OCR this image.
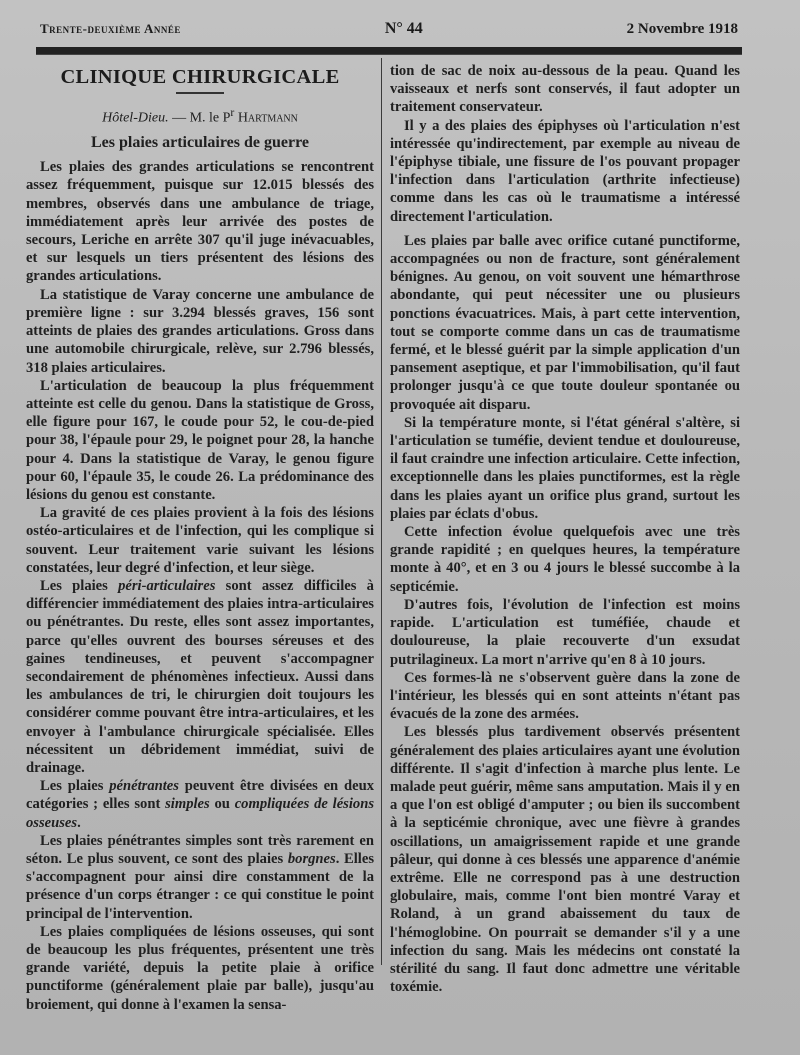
Trente-deuxième Année	N° 44	2 Novembre 1918
CLINIQUE CHIRURGICALE
Hôtel-Dieu. — M. le $P^r$ Hartmann
Les plaies articulaires de guerre

Les plaies des grandes articulations se rencontrent assez fréquemment, puisque sur 12.015 blessés des membres, observés dans une ambulance de triage, immédiatement après leur arrivée des postes de secours, Leriche en arrête 307 qu'il juge inévacuables, et sur lesquels un tiers présentent des lésions des grandes articulations.

La statistique de Varay concerne une ambulance de première ligne : sur 3.294 blessés graves, 156 sont atteints de plaies des grandes articulations. Gross dans une automobile chirurgicale, relève, sur 2.796 blessés, 318 plaies articulaires.

L'articulation de beaucoup la plus fréquemment atteinte est celle du genou. Dans la statistique de Gross, elle figure pour 167, le coude pour 52, le cou-de-pied pour 38, l'épaule pour 29, le poignet pour 28, la hanche pour 4. Dans la statistique de Varay, le genou figure pour 60, l'épaule 35, le coude 26. La prédominance des lésions du genou est constante.

La gravité de ces plaies provient à la fois des lésions ostéo-articulaires et de l'infection, qui les complique si souvent. Leur traitement varie suivant les lésions constatées, leur degré d'infection, et leur siège.

Les plaies péri-articulaires sont assez difficiles à différencier immédiatement des plaies intra-articulaires ou pénétrantes. Du reste, elles sont assez importantes, parce qu'elles ouvrent des bourses séreuses et des gaines tendineuses, et peuvent s'accompagner secondairement de phénomènes infectieux. Aussi dans les ambulances de tri, le chirurgien doit toujours les considérer comme pouvant être intra-articulaires, et les envoyer à l'ambulance chirurgicale spécialisée. Elles nécessitent un débridement immédiat, suivi de drainage.

Les plaies pénétrantes peuvent être divisées en deux catégories ; elles sont simples ou compliquées de lésions osseuses.

Les plaies pénétrantes simples sont très rarement en séton. Le plus souvent, ce sont des plaies borgnes. Elles s'accompagnent pour ainsi dire constamment de la présence d'un corps étranger : ce qui constitue le point principal de l'intervention.

Les plaies compliquées de lésions osseuses, qui sont de beaucoup les plus fréquentes, présentent une très grande variété, depuis la petite plaie à orifice punctiforme (généralement plaie par balle), jusqu'au broiement, qui donne à l'examen la sensa-

tion de sac de noix au-dessous de la peau. Quand les vaisseaux et nerfs sont conservés, il faut adopter un traitement conservateur.

Il y a des plaies des épiphyses où l'articulation n'est intéressée qu'indirectement, par exemple au niveau de l'épiphyse tibiale, une fissure de l'os pouvant propager l'infection dans l'articulation (arthrite infectieuse) comme dans les cas où le traumatisme a intéressé directement l'articulation.

Les plaies par balle avec orifice cutané punctiforme, accompagnées ou non de fracture, sont généralement bénignes. Au genou, on voit souvent une hémarthrose abondante, qui peut nécessiter une ou plusieurs ponctions évacuatrices. Mais, à part cette intervention, tout se comporte comme dans un cas de traumatisme fermé, et le blessé guérit par la simple application d'un pansement aseptique, et par l'immobilisation, qu'il faut prolonger jusqu'à ce que toute douleur spontanée ou provoquée ait disparu.

Si la température monte, si l'état général s'altère, si l'articulation se tuméfie, devient tendue et douloureuse, il faut craindre une infection articulaire. Cette infection, exceptionnelle dans les plaies punctiformes, est la règle dans les plaies ayant un orifice plus grand, surtout les plaies par éclats d'obus.

Cette infection évolue quelquefois avec une très grande rapidité ; en quelques heures, la température monte à 40°, et en 3 ou 4 jours le blessé succombe à la septicémie.

D'autres fois, l'évolution de l'infection est moins rapide. L'articulation est tuméfiée, chaude et douloureuse, la plaie recouverte d'un exsudat putrilagineux. La mort n'arrive qu'en 8 à 10 jours.

Ces formes-là ne s'observent guère dans la zone de l'intérieur, les blessés qui en sont atteints n'étant pas évacués de la zone des armées.

Les blessés plus tardivement observés présentent généralement des plaies articulaires ayant une évolution différente. Il s'agit d'infection à marche plus lente. Le malade peut guérir, même sans amputation. Mais il y en a que l'on est obligé d'amputer ; ou bien ils succombent à la septicémie chronique, avec une fièvre à grandes oscillations, un amaigrissement rapide et une grande pâleur, qui donne à ces blessés une apparence d'anémie extrême. Elle ne correspond pas à une destruction globulaire, mais, comme l'ont bien montré Varay et Roland, à un grand abaissement du taux de l'hémoglobine. On pourrait se demander s'il y a une infection du sang. Mais les médecins ont constaté la stérilité du sang. Il faut donc admettre une véritable toxémie.
